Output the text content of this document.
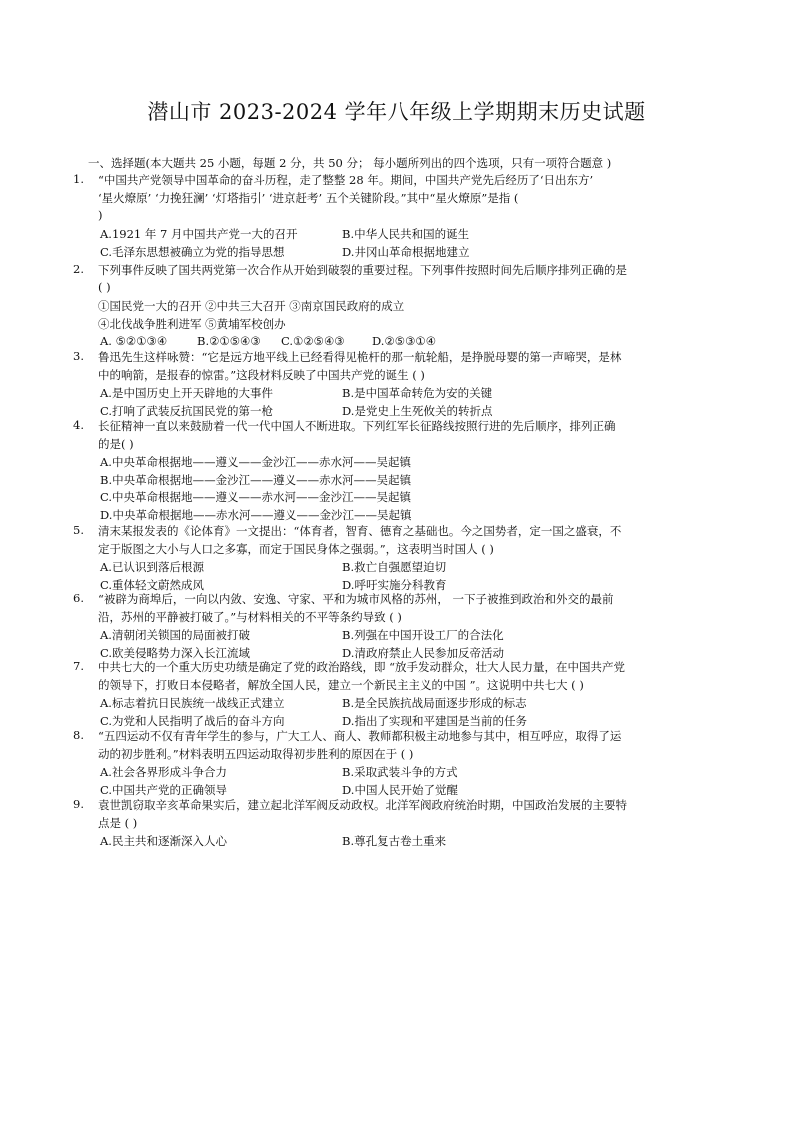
潜山市 2023-2024 学年八年级上学期期末历史试题
一、选择题(本大题共 25 小题，每题 2 分，共 50 分； 每小题所列出的四个选项，只有一项符合题意 )
1. “中国共产党领导中国革命的奋斗历程，走了整整 28 年。期间，中国共产党先后经历了‘日出东方’
‘星火燎原’ ‘力挽狂澜’ ‘灯塔指引’ ‘进京赶考’ 五个关键阶段。”其中“星火燎原”是指 (
)
A.1921 年 7 月中国共产党一大的召开	B.中华人民共和国的诞生
C.毛泽东思想被确立为党的指导思想	D.井冈山革命根据地建立
2. 下列事件反映了国共两党第一次合作从开始到破裂的重要过程。下列事件按照时间先后顺序排列正确的是
( )
①国民党一大的召开 ②中共三大召开 ③南京国民政府的成立
④北伐战争胜利进军 ⑤黄埔军校创办
A. ⑤②①③④	B.②①⑤④③ C.①②⑤④③ D.②⑤③①④
3. 鲁迅先生这样咏赞：“它是远方地平线上已经看得见桅杆的那一航轮船，是挣脱母婴的第一声啼哭，是林
中的响箭，是报春的惊雷。”这段材料反映了中国共产党的诞生 ( )
A.是中国历史上开天辟地的大事件	B.是中国革命转危为安的关键
C.打响了武装反抗国民党的第一枪	D.是党史上生死攸关的转折点
4. 长征精神一直以来鼓励着一代一代中国人不断进取。下列红军长征路线按照行进的先后顺序，排列正确
的是( )
A.中央革命根据地——遵义——金沙江——赤水河——吴起镇
B.中央革命根据地——金沙江——遵义——赤水河——吴起镇
C.中央革命根据地——遵义——赤水河——金沙江——吴起镇
D.中央革命根据地——赤水河——遵义——金沙江——吴起镇
5. 清末某报发表的《论体育》一文提出：“体育者，智育、德育之基础也。今之国势者，定一国之盛衰，不
定于版图之大小与人口之多寡，而定于国民身体之强弱。”，这表明当时国人 ( )
A.已认识到落后根源	B.救亡自强愿望迫切
C.重体轻文蔚然成风	D.呼吁实施分科教育
6. “被辟为商埠后，一向以内敛、安逸、守家、平和为城市风格的苏州， 一下子被推到政治和外交的最前
沿，苏州的平静被打破了。”与材料相关的不平等条约导致 ( )
A.清朝闭关锁国的局面被打破	B.列强在中国开设工厂的合法化
C.欧美侵略势力深入长江流域	D.清政府禁止人民参加反帝活动
7. 中共七大的一个重大历史功绩是确定了党的政治路线，即 “放手发动群众，壮大人民力量，在中国共产党
的领导下，打败日本侵略者，解放全国人民，建立一个新民主主义的中国 ”。这说明中共七大 ( )
A.标志着抗日民族统一战线正式建立	B.是全民族抗战局面逐步形成的标志
C.为党和人民指明了战后的奋斗方向	D.指出了实现和平建国是当前的任务
8. “五四运动不仅有青年学生的参与，广大工人、商人、教师都积极主动地参与其中，相互呼应，取得了运
动的初步胜利。”材料表明五四运动取得初步胜利的原因在于 ( )
A.社会各界形成斗争合力	B.采取武装斗争的方式
C.中国共产党的正确领导	D.中国人民开始了觉醒
9. 袁世凯窃取辛亥革命果实后，建立起北洋军阀反动政权。北洋军阀政府统治时期，中国政治发展的主要特
点是 ( )
A.民主共和逐渐深入人心	B.尊孔复古卷土重来
